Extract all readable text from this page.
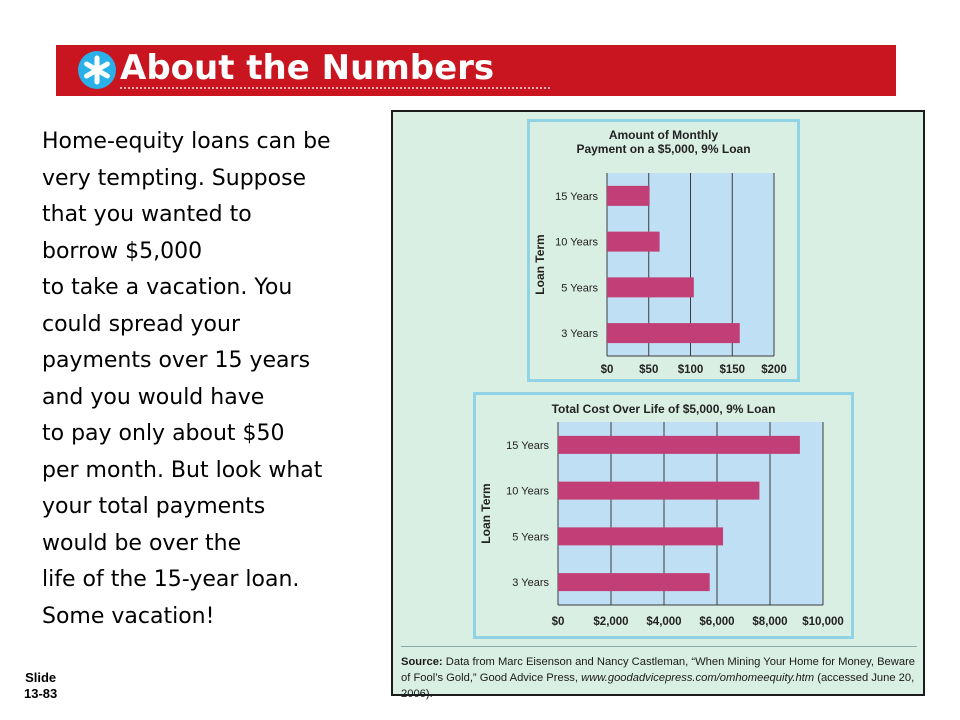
About the Numbers
Home-equity loans can be
very tempting. Suppose
that you wanted to
borrow $5,000
to take a vacation. You
could spread your
payments over 15 years
and you would have
to pay only about $50
per month. But look what
your total payments
would be over the
life of the 15-year loan.
Some vacation!
Slide
13-83
Amount of Monthly
Payment on a $5,000, 9% Loan
15 Years
10 Years
5 Years
3 Years
$0 $50 $100 $150 $200
Loan Term
Total Cost Over Life of $5,000, 9% Loan
15 Years
10 Years
5 Years
3 Years
$0	$2,000 $4,000 $6,000 $8,000 $10,000
Loan Term
Source: Data from Marc Eisenson and Nancy Castleman, “When Mining Your Home for Money, Beware of Fool’s Gold,” Good Advice Press, www.goodadvicepress.com/omhomeequity.htm (accessed June 20, 2006).
